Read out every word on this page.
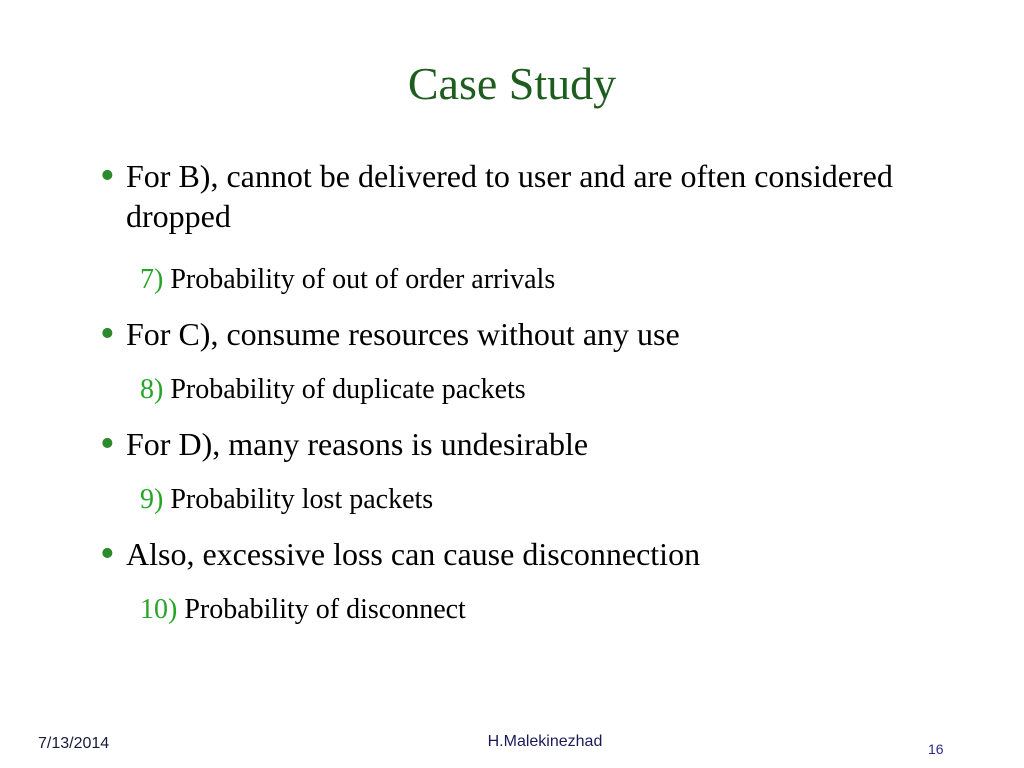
Case Study
• For B), cannot be delivered to user and are often considered dropped
7) Probability of out of order arrivals
• For C), consume resources without any use
8) Probability of duplicate packets
• For D), many reasons is undesirable
9) Probability lost packets
• Also, excessive loss can cause disconnection
10) Probability of disconnect
7/13/2014	H.Malekinezhad	16
